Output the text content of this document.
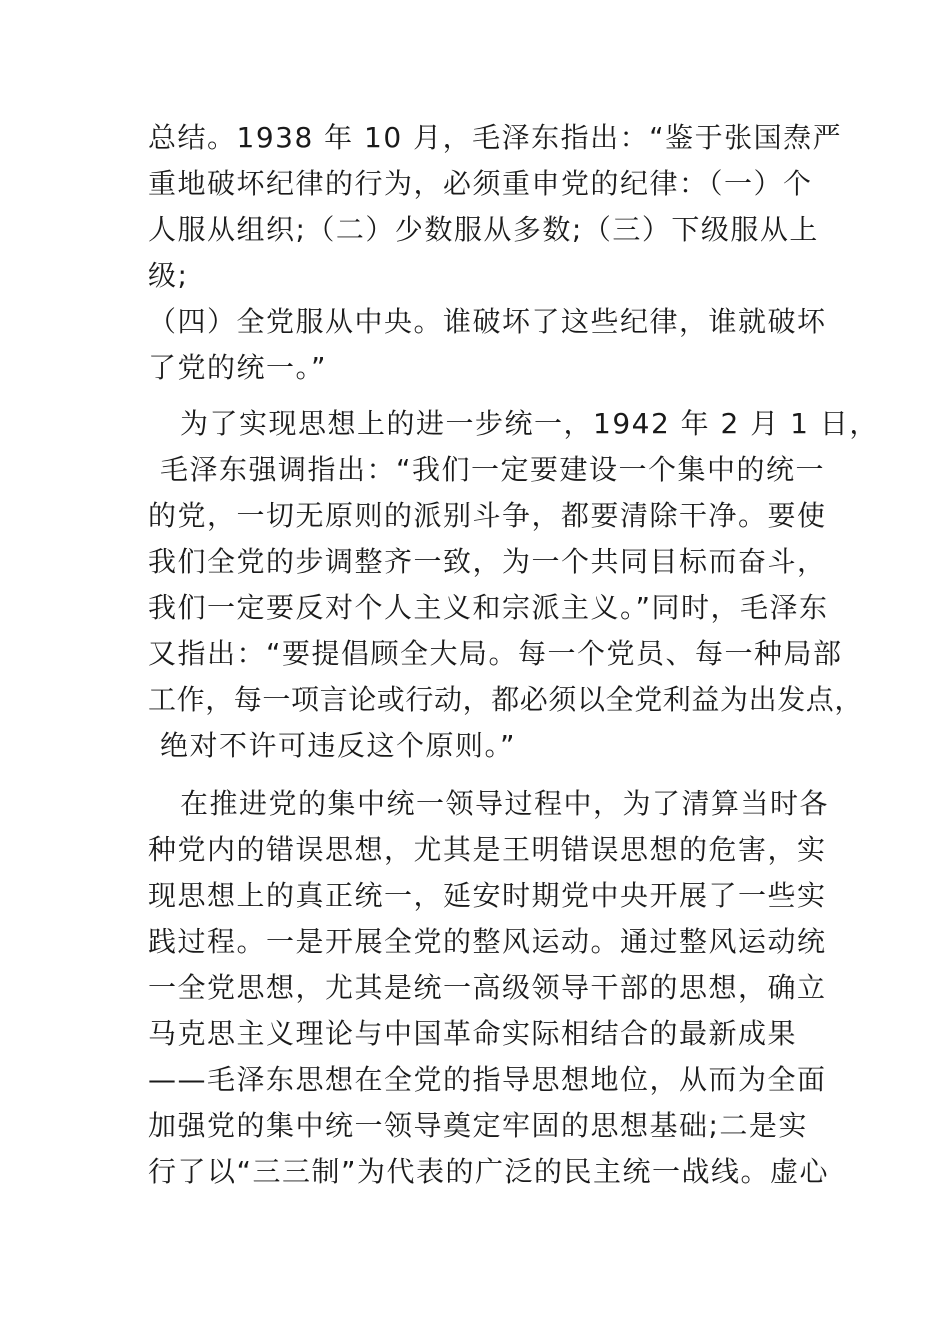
总结。1938 年 10 月，毛泽东指出：“鉴于张国焘严
重地破坏纪律的行为，必须重申党的纪律：（一）个
人服从组织;（二）少数服从多数;（三）下级服从上
级;
（四）全党服从中央。谁破坏了这些纪律，谁就破坏
了党的统一。”
为了实现思想上的进一步统一，1942 年 2 月 1 日，
毛泽东强调指出：“我们一定要建设一个集中的统一
的党，一切无原则的派别斗争，都要清除干净。要使
我们全党的步调整齐一致，为一个共同目标而奋斗，
我们一定要反对个人主义和宗派主义。”同时，毛泽东
又指出：“要提倡顾全大局。每一个党员、每一种局部
工作，每一项言论或行动，都必须以全党利益为出发点，
绝对不许可违反这个原则。”
在推进党的集中统一领导过程中，为了清算当时各
种党内的错误思想，尤其是王明错误思想的危害，实
现思想上的真正统一，延安时期党中央开展了一些实
践过程。一是开展全党的整风运动。通过整风运动统
一全党思想，尤其是统一高级领导干部的思想，确立
马克思主义理论与中国革命实际相结合的最新成果
——毛泽东思想在全党的指导思想地位，从而为全面
加强党的集中统一领导奠定牢固的思想基础;二是实
行了以“三三制”为代表的广泛的民主统一战线。虚心
